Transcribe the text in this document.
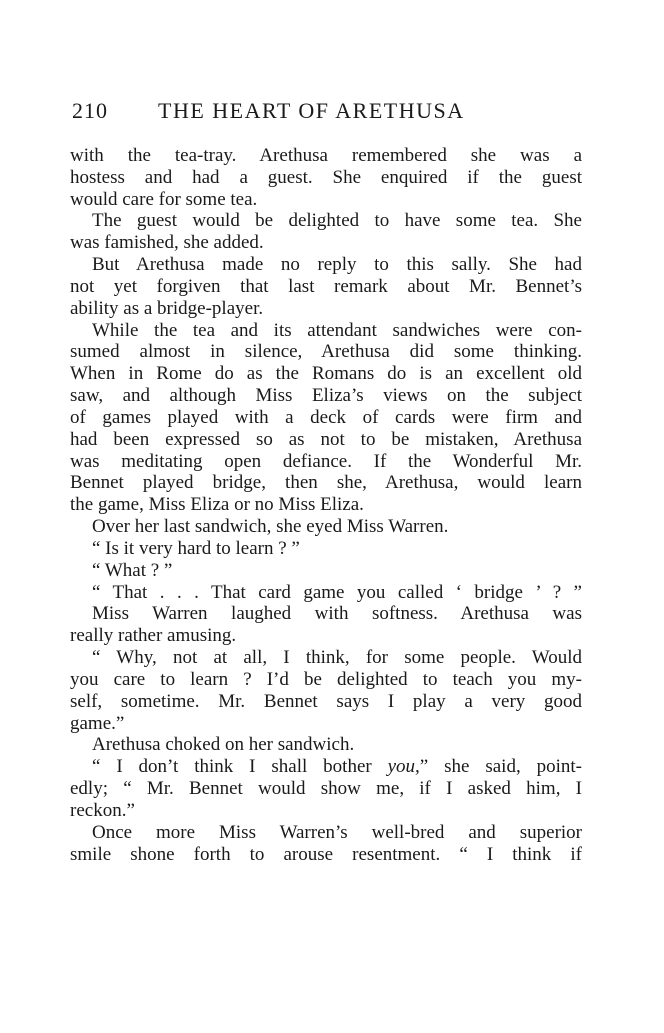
210 THE HEART OF ARETHUSA
with the tea-tray. Arethusa remembered she was a
hostess and had a guest. She enquired if the guest
would care for some tea.
The guest would be delighted to have some tea. She
was famished, she added.
But Arethusa made no reply to this sally. She had
not yet forgiven that last remark about Mr. Bennet’s
ability as a bridge-player.
While the tea and its attendant sandwiches were con-
sumed almost in silence, Arethusa did some thinking.
When in Rome do as the Romans do is an excellent old
saw, and although Miss Eliza’s views on the subject
of games played with a deck of cards were firm and
had been expressed so as not to be mistaken, Arethusa
was meditating open defiance. If the Wonderful Mr.
Bennet played bridge, then she, Arethusa, would learn
the game, Miss Eliza or no Miss Eliza.
Over her last sandwich, she eyed Miss Warren.
“ Is it very hard to learn ? ”
“ What ? ”
“ That . . . That card game you called ‘ bridge ’ ? ”
Miss Warren laughed with softness. Arethusa was
really rather amusing.
“ Why, not at all, I think, for some people. Would
you care to learn ? I’d be delighted to teach you my-
self, sometime. Mr. Bennet says I play a very good
game.”
Arethusa choked on her sandwich.
“ I don’t think I shall bother you,” she said, point-
edly; “ Mr. Bennet would show me, if I asked him, I
reckon.”
Once more Miss Warren’s well-bred and superior
smile shone forth to arouse resentment. “ I think if
